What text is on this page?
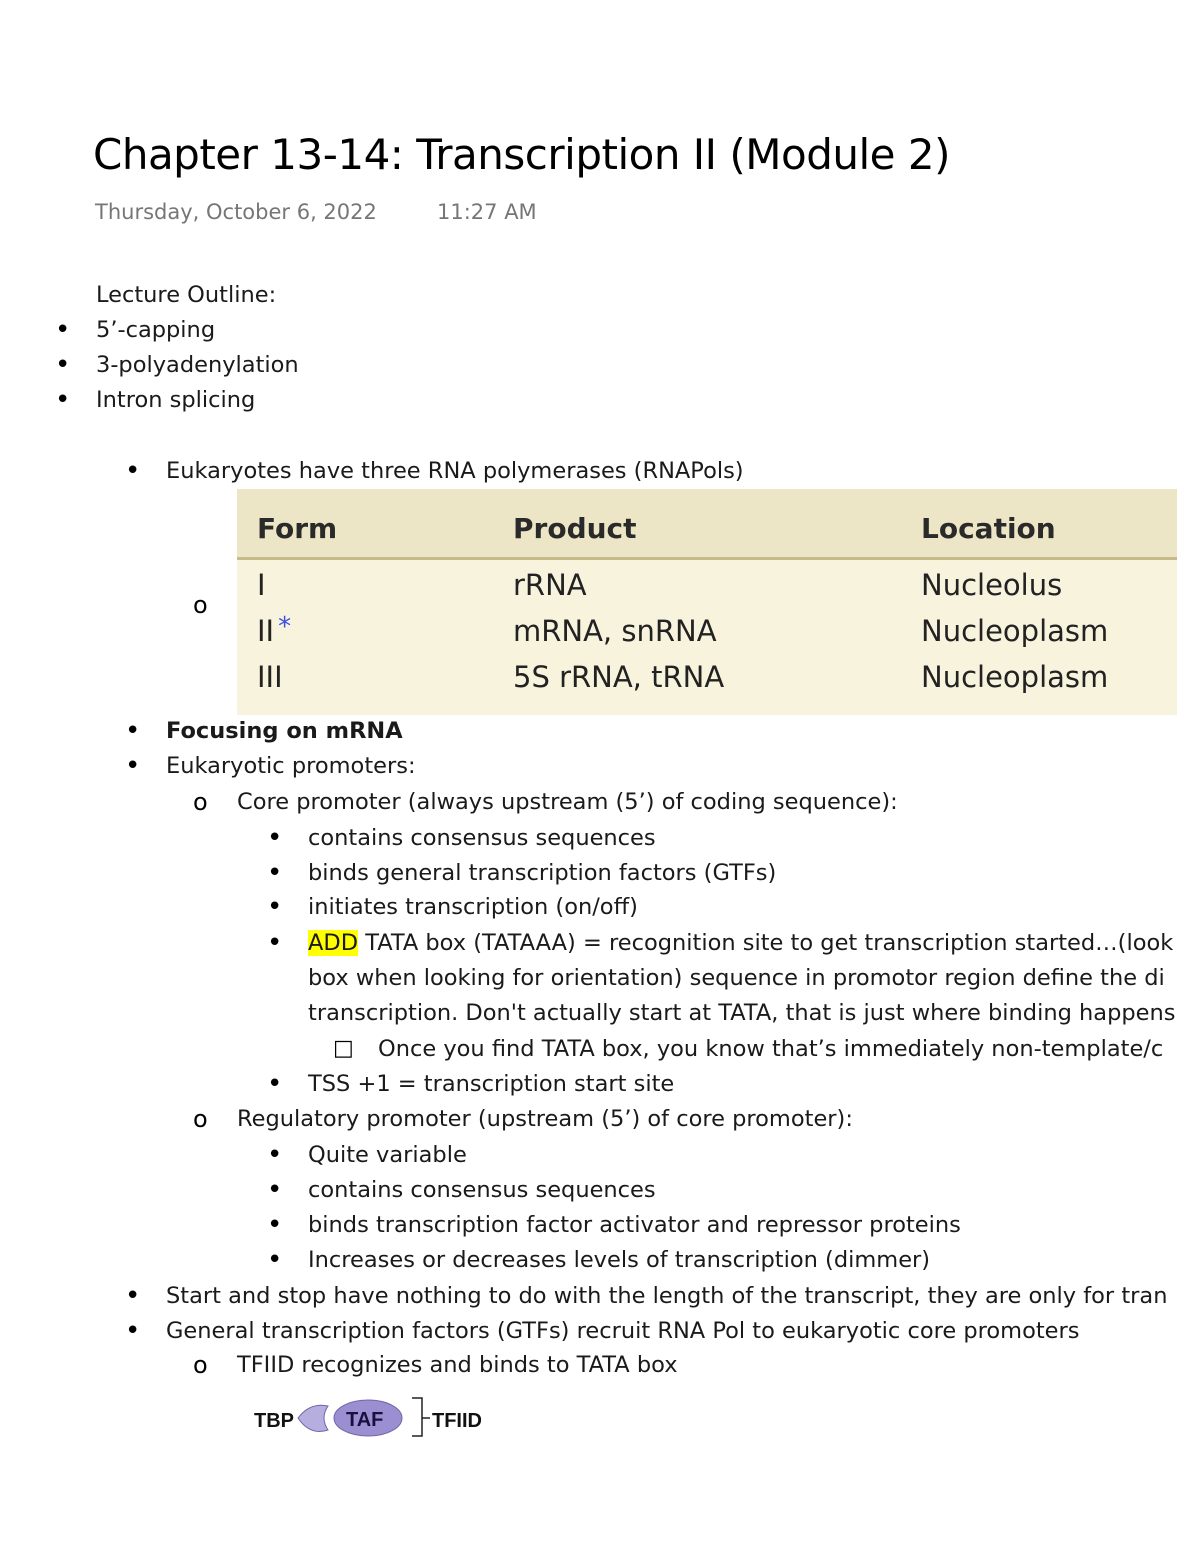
Chapter 13-14: Transcription II (Module 2)
Thursday, October 6, 2022	11:27 AM
Lecture Outline:
• 5’-capping
• 3-polyadenylation
• Intron splicing
• Eukaryotes have three RNA polymerases (RNAPols)
o
Form	Product	Location
I	rRNA	Nucleolus
II *	mRNA, snRNA	Nucleoplasm
III	5S rRNA, tRNA	Nucleoplasm
• Focusing on mRNA
• Eukaryotic promoters:
o Core promoter (always upstream (5’) of coding sequence):
• contains consensus sequences
• binds general transcription factors (GTFs)
• initiates transcription (on/off)
• ADD TATA box (TATAAA) = recognition site to get transcription started…(look
box when looking for orientation) sequence in promotor region define the di
transcription. Don't actually start at TATA, that is just where binding happens
□ Once you find TATA box, you know that’s immediately non-template/c
• TSS +1 = transcription start site
o Regulatory promoter (upstream (5’) of core promoter):
• Quite variable
• contains consensus sequences
• binds transcription factor activator and repressor proteins
• Increases or decreases levels of transcription (dimmer)
• Start and stop have nothing to do with the length of the transcript, they are only for tran
• General transcription factors (GTFs) recruit RNA Pol to eukaryotic core promoters
o TFIID recognizes and binds to TATA box
TBP	TAF TFIID
